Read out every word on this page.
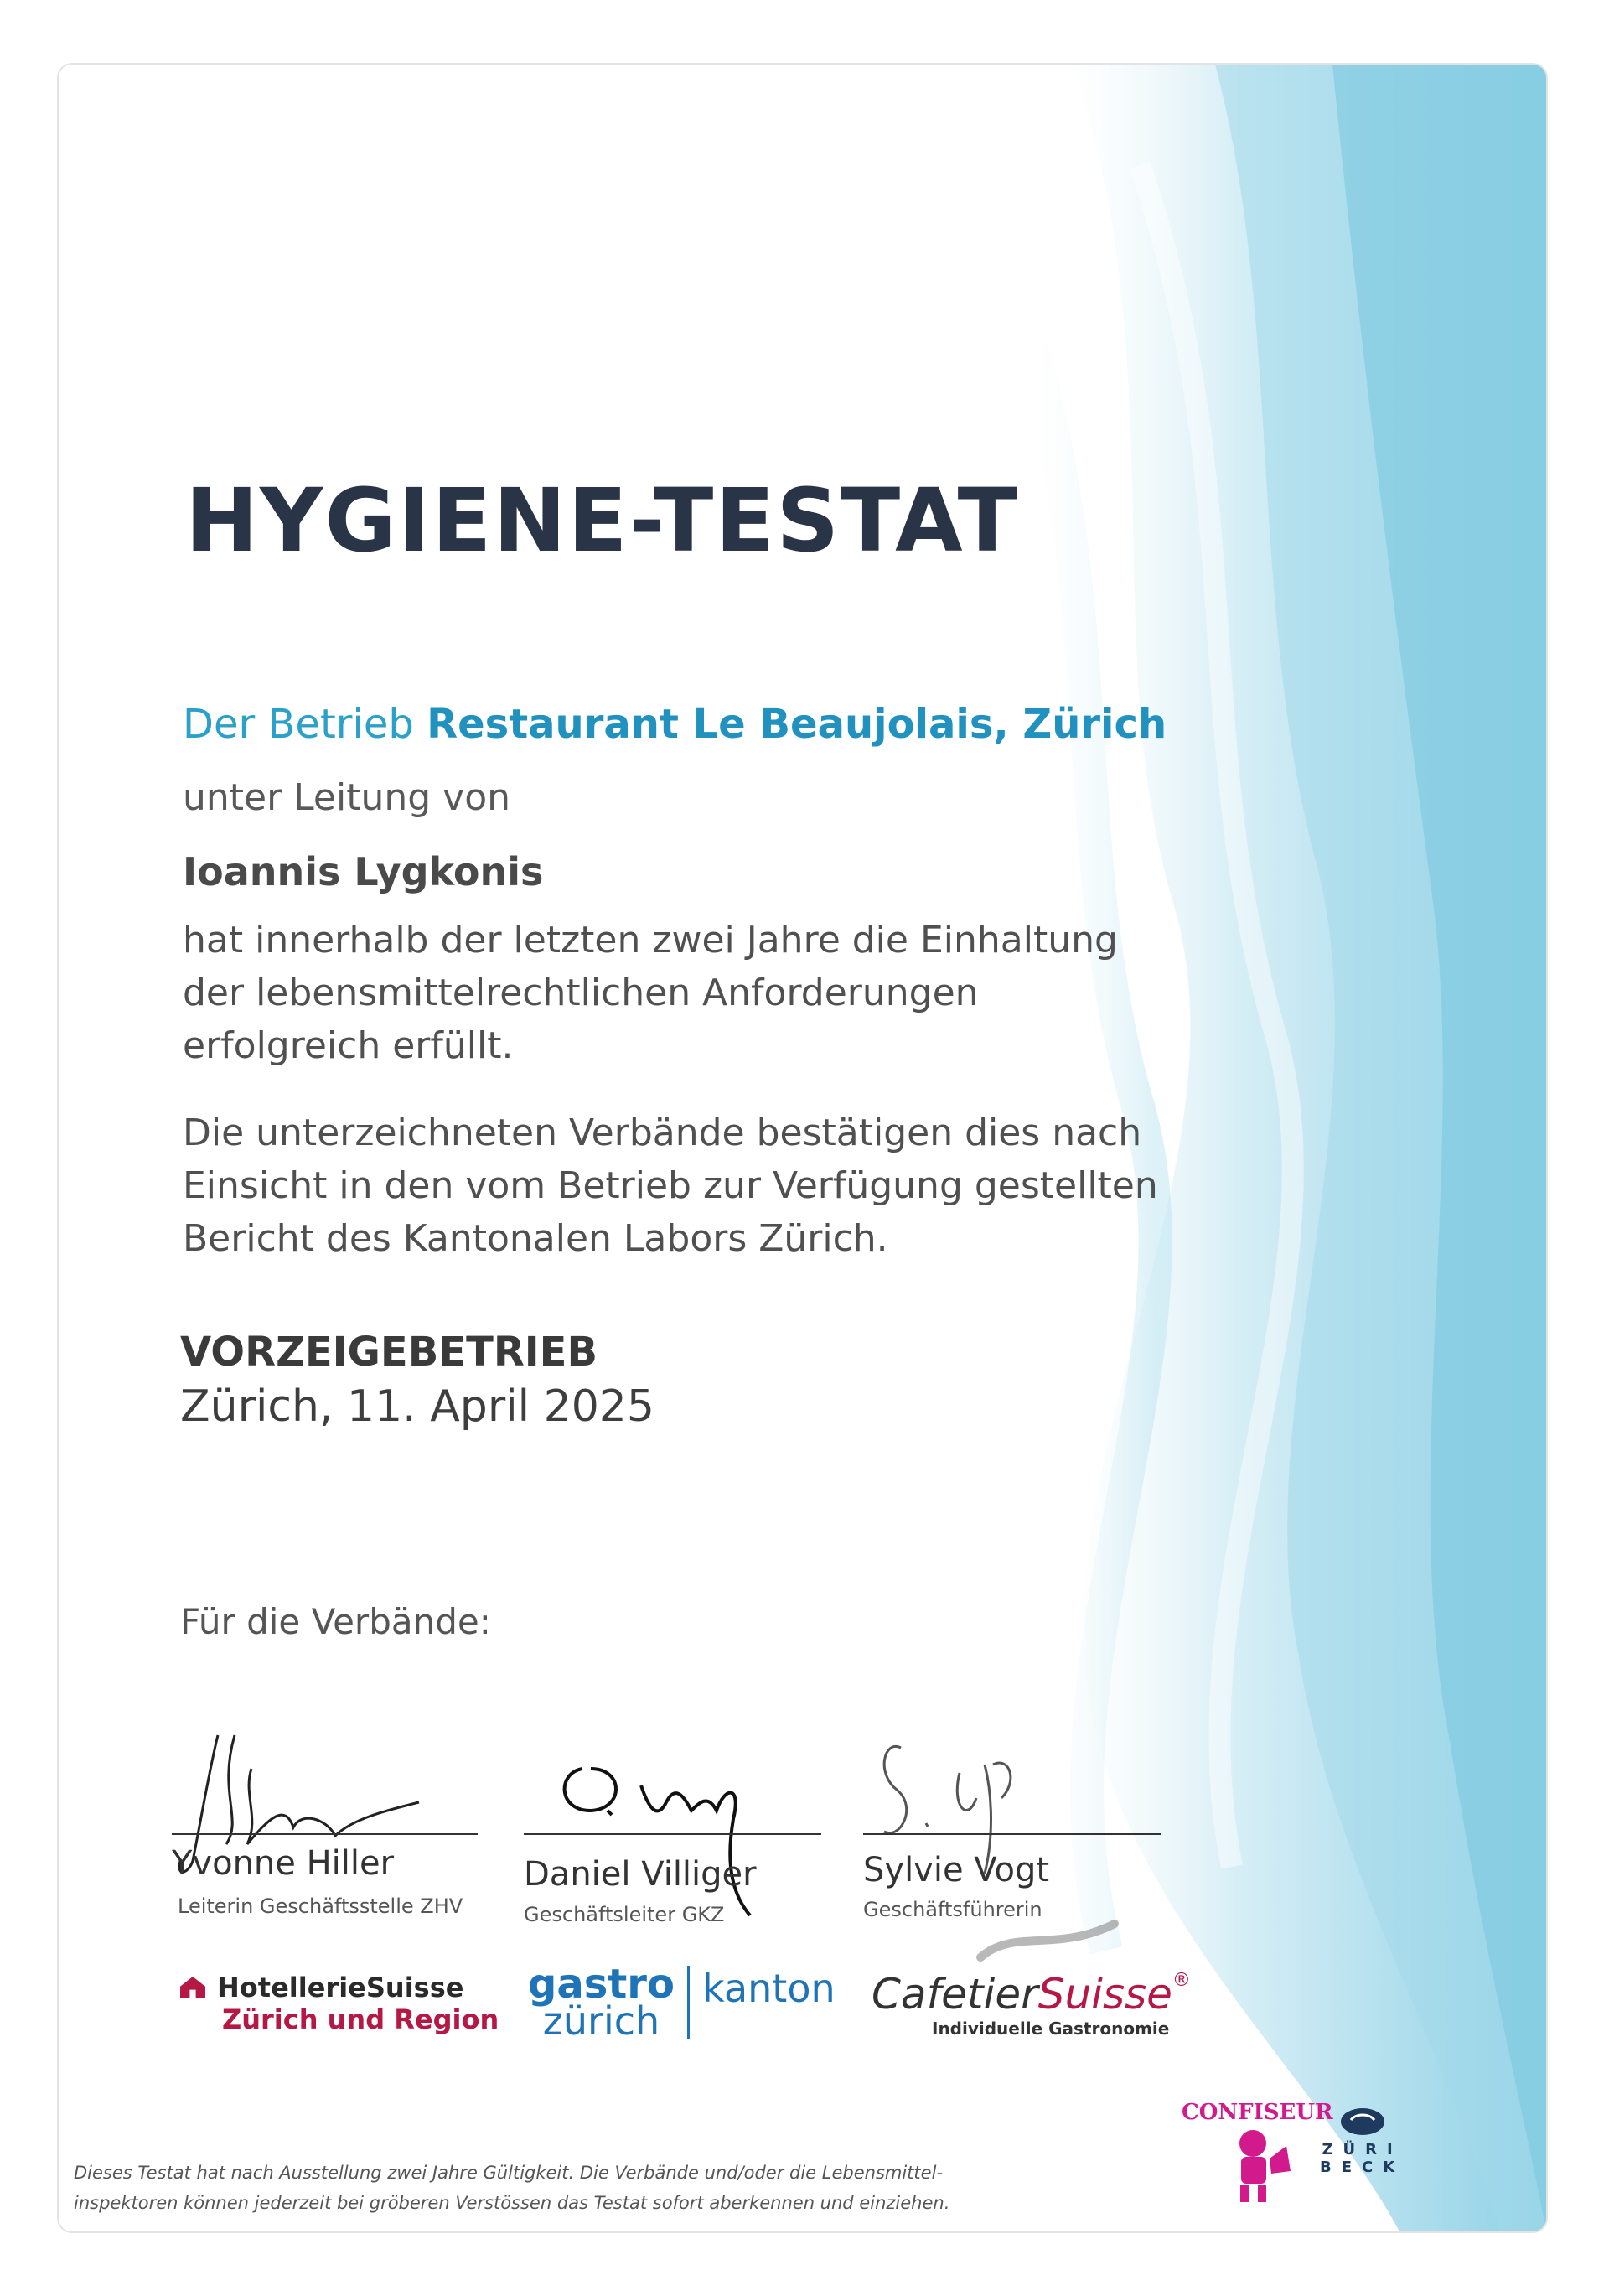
HYGIENE-TESTAT
Der Betrieb Restaurant Le Beaujolais, Zürich
unter Leitung von
Ioannis Lygkonis
hat innerhalb der letzten zwei Jahre die Einhaltung
der lebensmittelrechtlichen Anforderungen
erfolgreich erfüllt.
Die unterzeichneten Verbände bestätigen dies nach
Einsicht in den vom Betrieb zur Verfügung gestellten
Bericht des Kantonalen Labors Zürich.
VORZEIGEBETRIEB
Zürich, 11. April 2025
Für die Verbände:
Yvonne Hiller
Leiterin Geschäftsstelle ZHV
Daniel Villiger
Geschäftsleiter GKZ
Sylvie Vogt
Geschäftsführerin
HotellerieSuisse
Zürich und Region
gastro
zürich
kanton CafetierSuisse®
Individuelle Gastronomie
CONFISEUR
ZÜRI
BECK
Dieses Testat hat nach Ausstellung zwei Jahre Gültigkeit. Die Verbände und/oder die Lebensmittel-
inspektoren können jederzeit bei gröberen Verstössen das Testat sofort aberkennen und einziehen.
